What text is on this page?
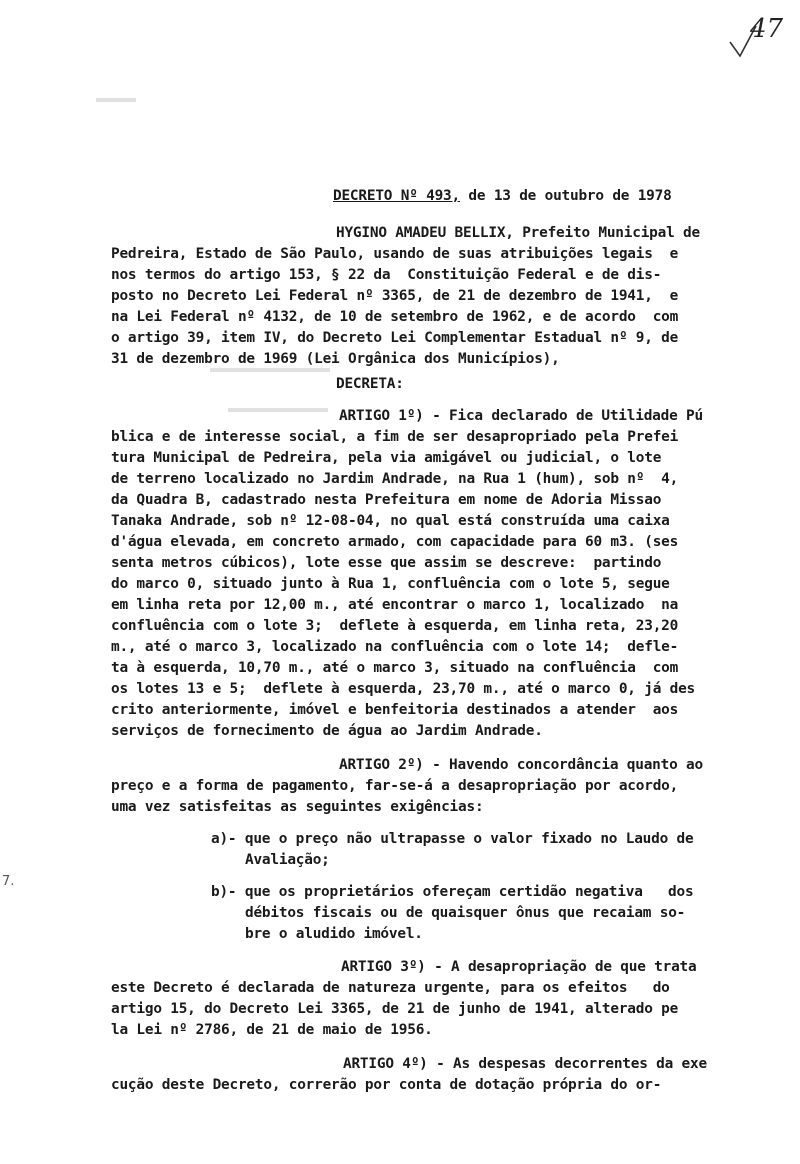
47
7.
DECRETO Nº 493, de 13 de outubro de 1978
HYGINO AMADEU BELLIX, Prefeito Municipal de
Pedreira, Estado de São Paulo, usando de suas atribuições legais  e
nos termos do artigo 153, § 22 da  Constituição Federal e de dis-
posto no Decreto Lei Federal nº 3365, de 21 de dezembro de 1941,  e
na Lei Federal nº 4132, de 10 de setembro de 1962, e de acordo  com
o artigo 39, item IV, do Decreto Lei Complementar Estadual nº 9, de
31 de dezembro de 1969 (Lei Orgânica dos Municípios),
DECRETA:
ARTIGO 1º) - Fica declarado de Utilidade Pú
blica e de interesse social, a fim de ser desapropriado pela Prefei
tura Municipal de Pedreira, pela via amigável ou judicial, o lote
de terreno localizado no Jardim Andrade, na Rua 1 (hum), sob nº  4,
da Quadra B, cadastrado nesta Prefeitura em nome de Adoria Missao
Tanaka Andrade, sob nº 12-08-04, no qual está construída uma caixa
d'água elevada, em concreto armado, com capacidade para 60 m3. (ses
senta metros cúbicos), lote esse que assim se descreve:  partindo
do marco 0, situado junto à Rua 1, confluência com o lote 5, segue
em linha reta por 12,00 m., até encontrar o marco 1, localizado  na
confluência com o lote 3;  deflete à esquerda, em linha reta, 23,20
m., até o marco 3, localizado na confluência com o lote 14;  defle-
ta à esquerda, 10,70 m., até o marco 3, situado na confluência  com
os lotes 13 e 5;  deflete à esquerda, 23,70 m., até o marco 0, já des
crito anteriormente, imóvel e benfeitoria destinados a atender  aos
serviços de fornecimento de água ao Jardim Andrade.
ARTIGO 2º) - Havendo concordância quanto ao
preço e a forma de pagamento, far-se-á a desapropriação por acordo,
uma vez satisfeitas as seguintes exigências:
a)- que o preço não ultrapasse o valor fixado no Laudo de
Avaliação;
b)- que os proprietários ofereçam certidão negativa   dos
débitos fiscais ou de quaisquer ônus que recaiam so-
bre o aludido imóvel.
ARTIGO 3º) - A desapropriação de que trata
este Decreto é declarada de natureza urgente, para os efeitos   do
artigo 15, do Decreto Lei 3365, de 21 de junho de 1941, alterado pe
la Lei nº 2786, de 21 de maio de 1956.
ARTIGO 4º) - As despesas decorrentes da exe
cução deste Decreto, correrão por conta de dotação própria do or-
